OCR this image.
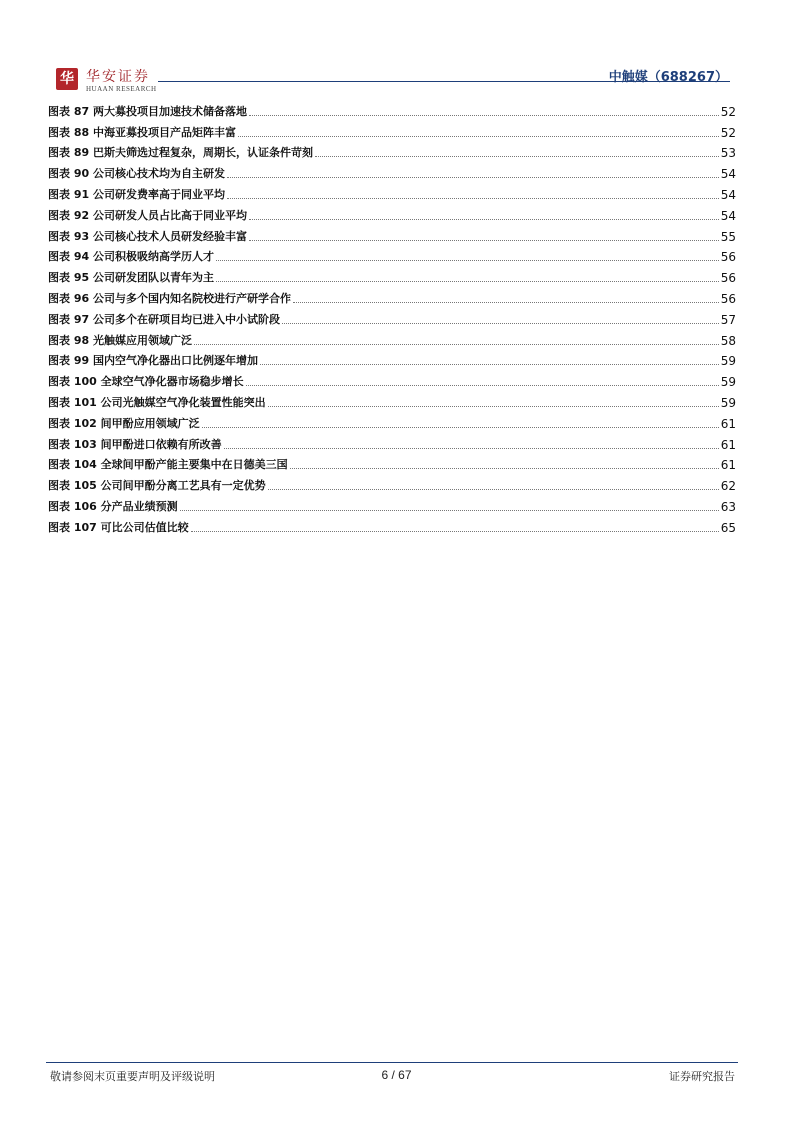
华 华安证券
HUAAN RESEARCH
中触媒（688267）
图表 87 两大募投项目加速技术储备落地	52
图表 88 中海亚募投项目产品矩阵丰富	52
图表 89 巴斯夫筛选过程复杂，周期长，认证条件苛刻	53
图表 90 公司核心技术均为自主研发	54
图表 91 公司研发费率高于同业平均	54
图表 92 公司研发人员占比高于同业平均	54
图表 93 公司核心技术人员研发经验丰富	55
图表 94 公司积极吸纳高学历人才	56
图表 95 公司研发团队以青年为主	56
图表 96 公司与多个国内知名院校进行产研学合作	56
图表 97 公司多个在研项目均已进入中小试阶段	57
图表 98 光触媒应用领域广泛	58
图表 99 国内空气净化器出口比例逐年增加	59
图表 100 全球空气净化器市场稳步增长	59
图表 101 公司光触媒空气净化装置性能突出	59
图表 102 间甲酚应用领域广泛	61
图表 103 间甲酚进口依赖有所改善	61
图表 104 全球间甲酚产能主要集中在日德美三国	61
图表 105 公司间甲酚分离工艺具有一定优势	62
图表 106 分产品业绩预测	63
图表 107 可比公司估值比较	65
敬请参阅末页重要声明及评级说明	6 / 67	证券研究报告
